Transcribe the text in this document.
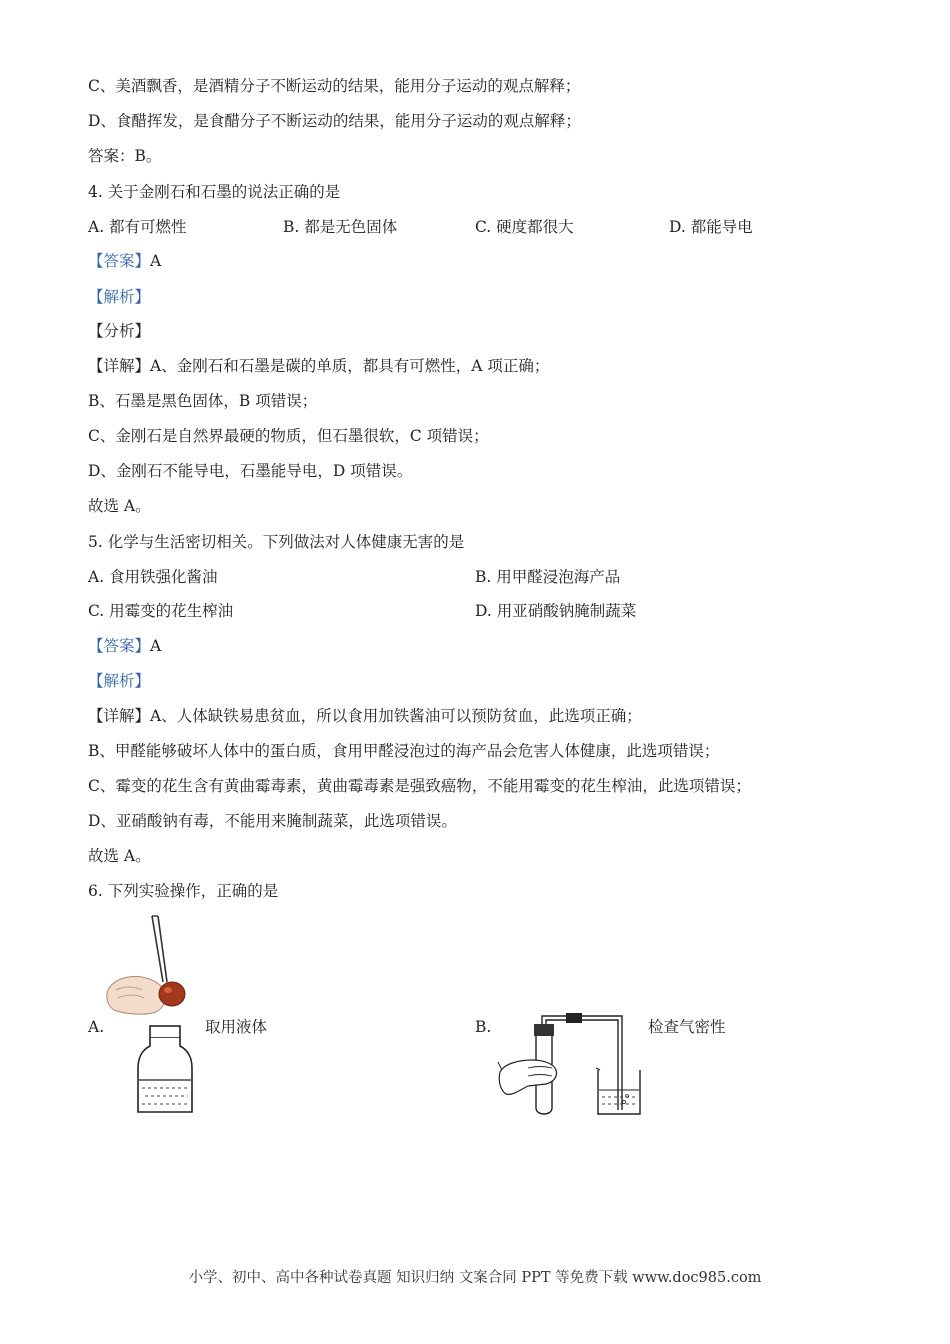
C、美酒飘香，是酒精分子不断运动的结果，能用分子运动的观点解释；
D、食醋挥发，是食醋分子不断运动的结果，能用分子运动的观点解释；
答案：B。
4. 关于金刚石和石墨的说法正确的是
A. 都有可燃性	B. 都是无色固体	C. 硬度都很大	D. 都能导电
【答案】A
【解析】
【分析】
【详解】A、金刚石和石墨是碳的单质，都具有可燃性，A 项正确；
B、石墨是黑色固体，B 项错误；
C、金刚石是自然界最硬的物质，但石墨很软，C 项错误；
D、金刚石不能导电，石墨能导电，D 项错误。
故选 A。
5. 化学与生活密切相关。下列做法对人体健康无害的是
A. 食用铁强化酱油	B. 用甲醛浸泡海产品
C. 用霉变的花生榨油	D. 用亚硝酸钠腌制蔬菜
【答案】A
【解析】
【详解】A、人体缺铁易患贫血，所以食用加铁酱油可以预防贫血，此选项正确；
B、甲醛能够破坏人体中的蛋白质，食用甲醛浸泡过的海产品会危害人体健康，此选项错误；
C、霉变的花生含有黄曲霉毒素，黄曲霉毒素是强致癌物，不能用霉变的花生榨油，此选项错误；
D、亚硝酸钠有毒，不能用来腌制蔬菜，此选项错误。
故选 A。
6. 下列实验操作，正确的是
A.	取用液体	B.	检查气密性
小学、初中、高中各种试卷真题 知识归纳 文案合同 PPT 等免费下载 www.doc985.com
